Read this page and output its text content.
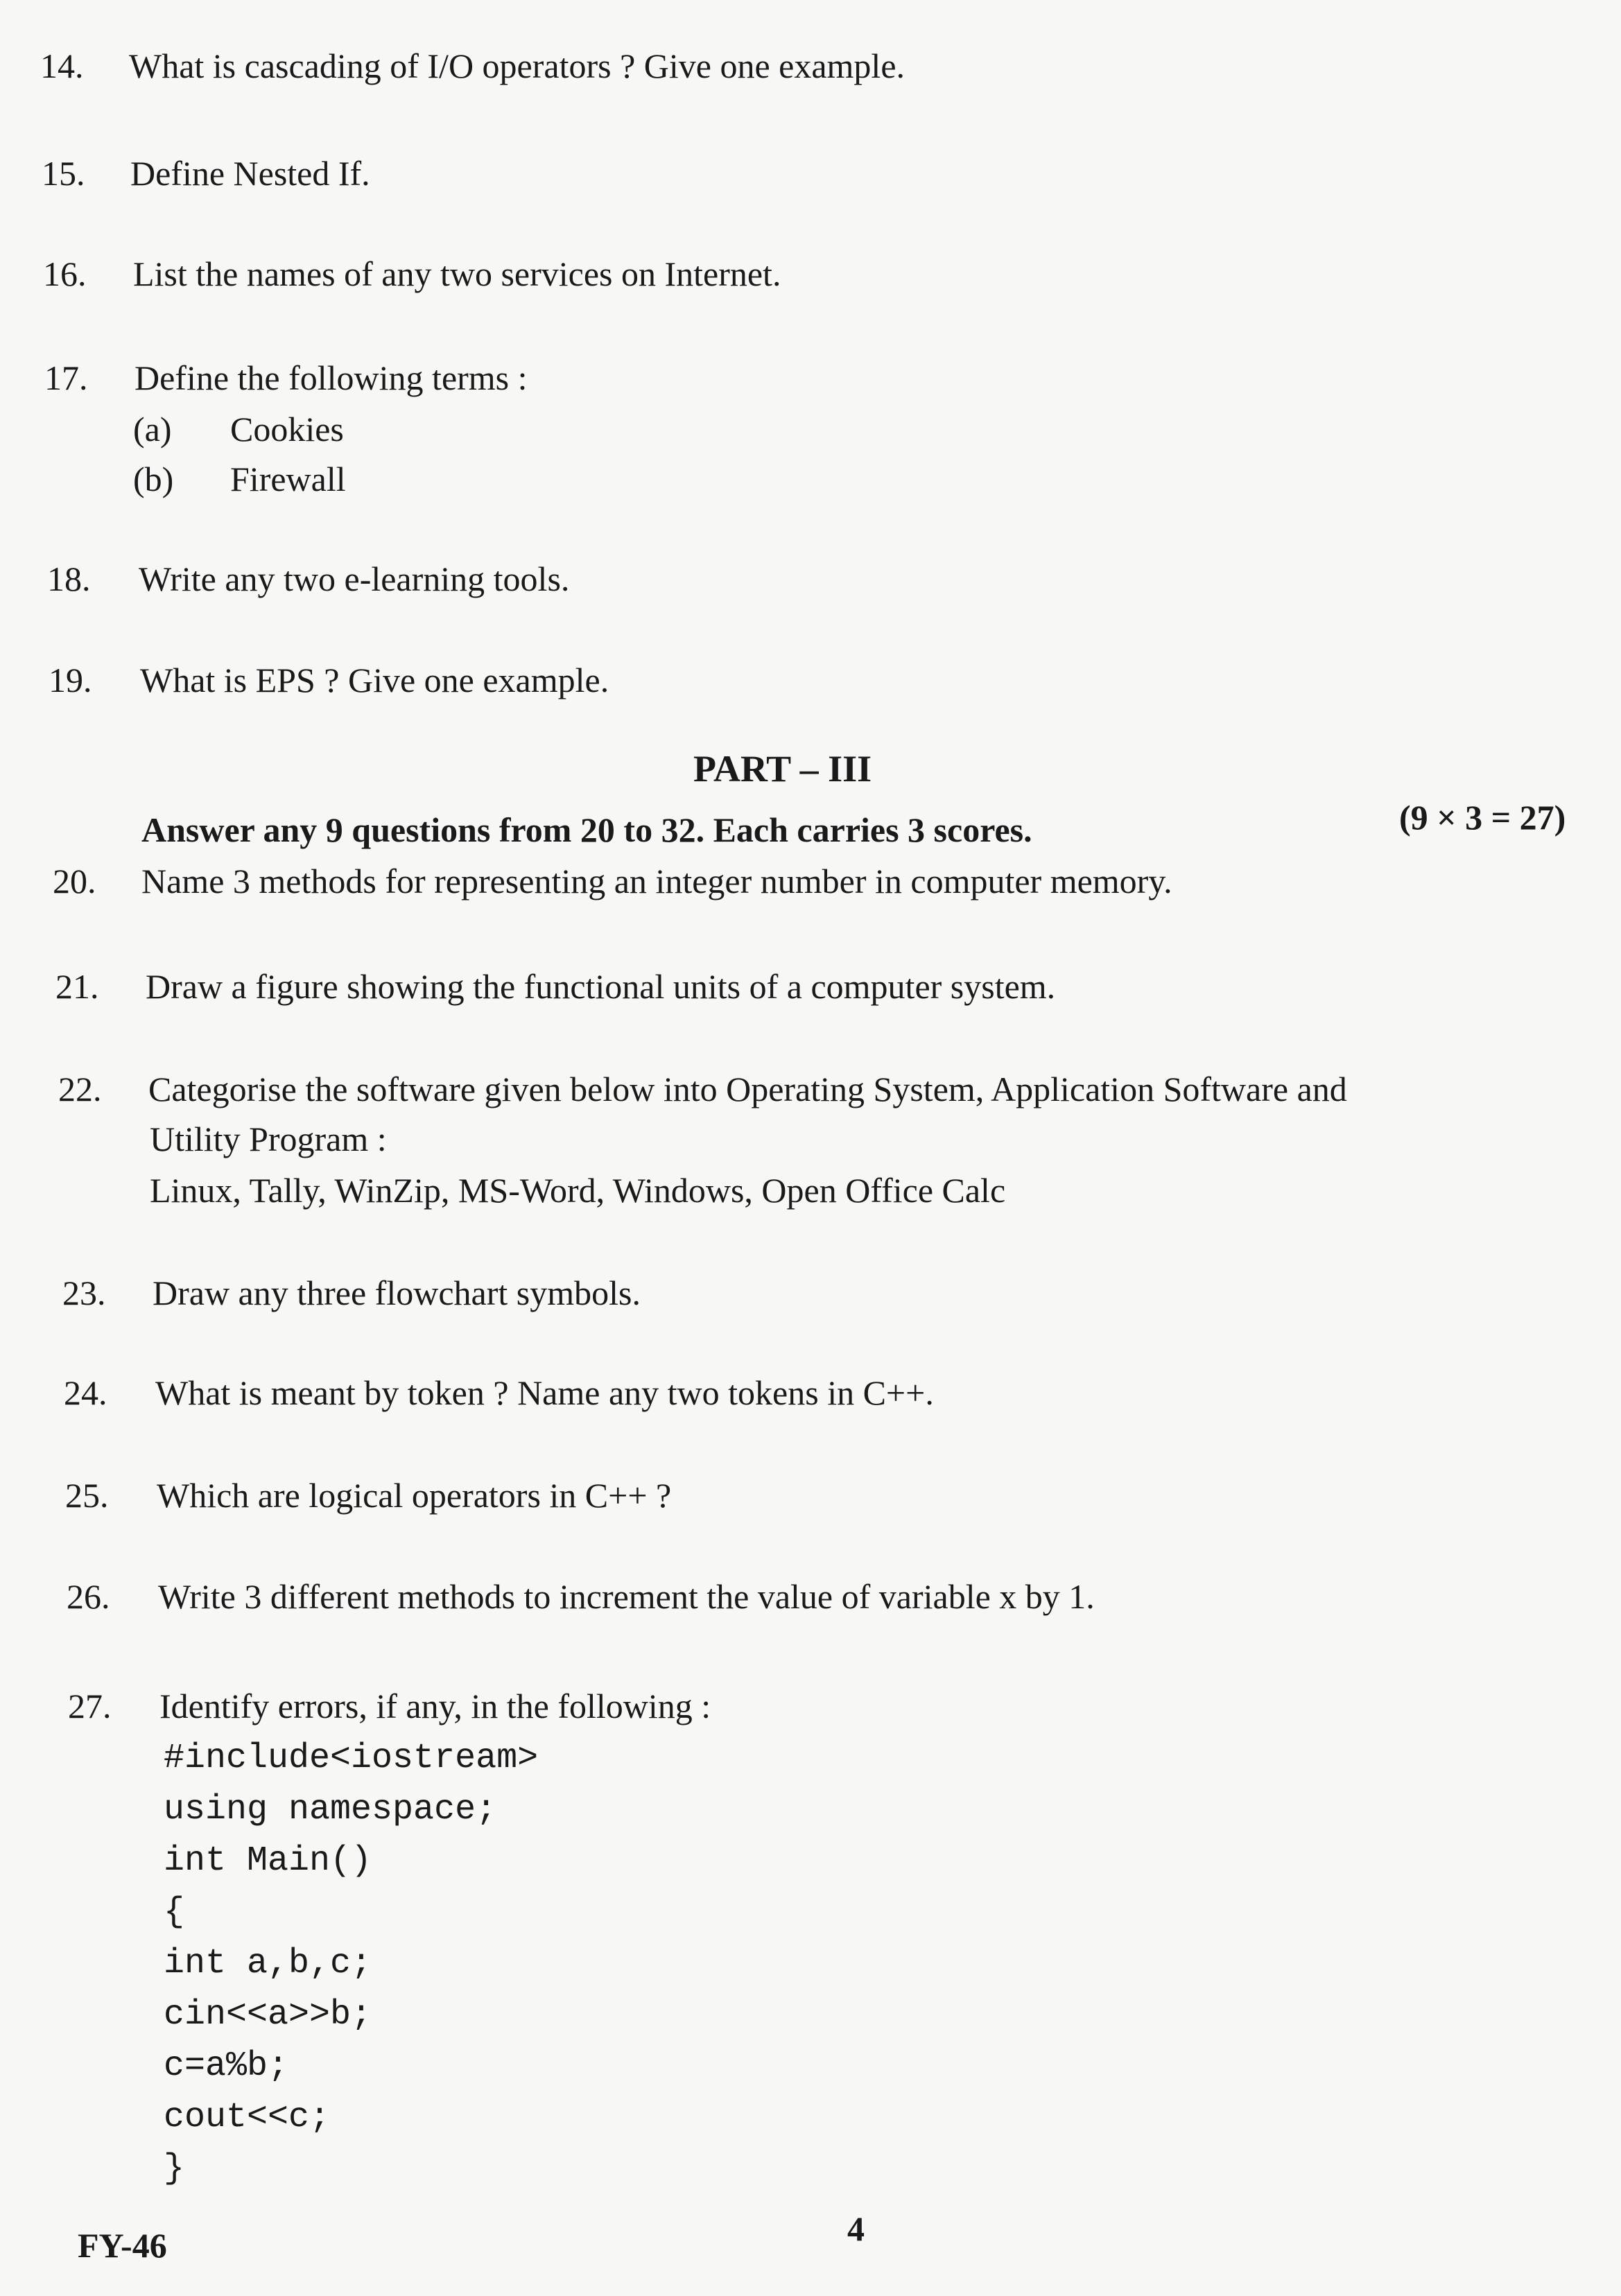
14. What is cascading of I/O operators ? Give one example.
15. Define Nested If.
16. List the names of any two services on Internet.
17. Define the following terms :
(a) Cookies
(b) Firewall
18. Write any two e-learning tools.
19. What is EPS ? Give one example.
PART – III
Answer any 9 questions from 20 to 32. Each carries 3 scores.	(9 × 3 = 27)
20. Name 3 methods for representing an integer number in computer memory.
21. Draw a figure showing the functional units of a computer system.
22. Categorise the software given below into Operating System, Application Software and
Utility Program :
Linux, Tally, WinZip, MS-Word, Windows, Open Office Calc
23. Draw any three flowchart symbols.
24. What is meant by token ? Name any two tokens in C++.
25. Which are logical operators in C++ ?
26. Write 3 different methods to increment the value of variable x by 1.
27. Identify errors, if any, in the following :
#include<iostream>
using namespace;
int Main()
{
int a,b,c;
cin<<a>>b;
c=a%b;
cout<<c;
}
FY-46	4
